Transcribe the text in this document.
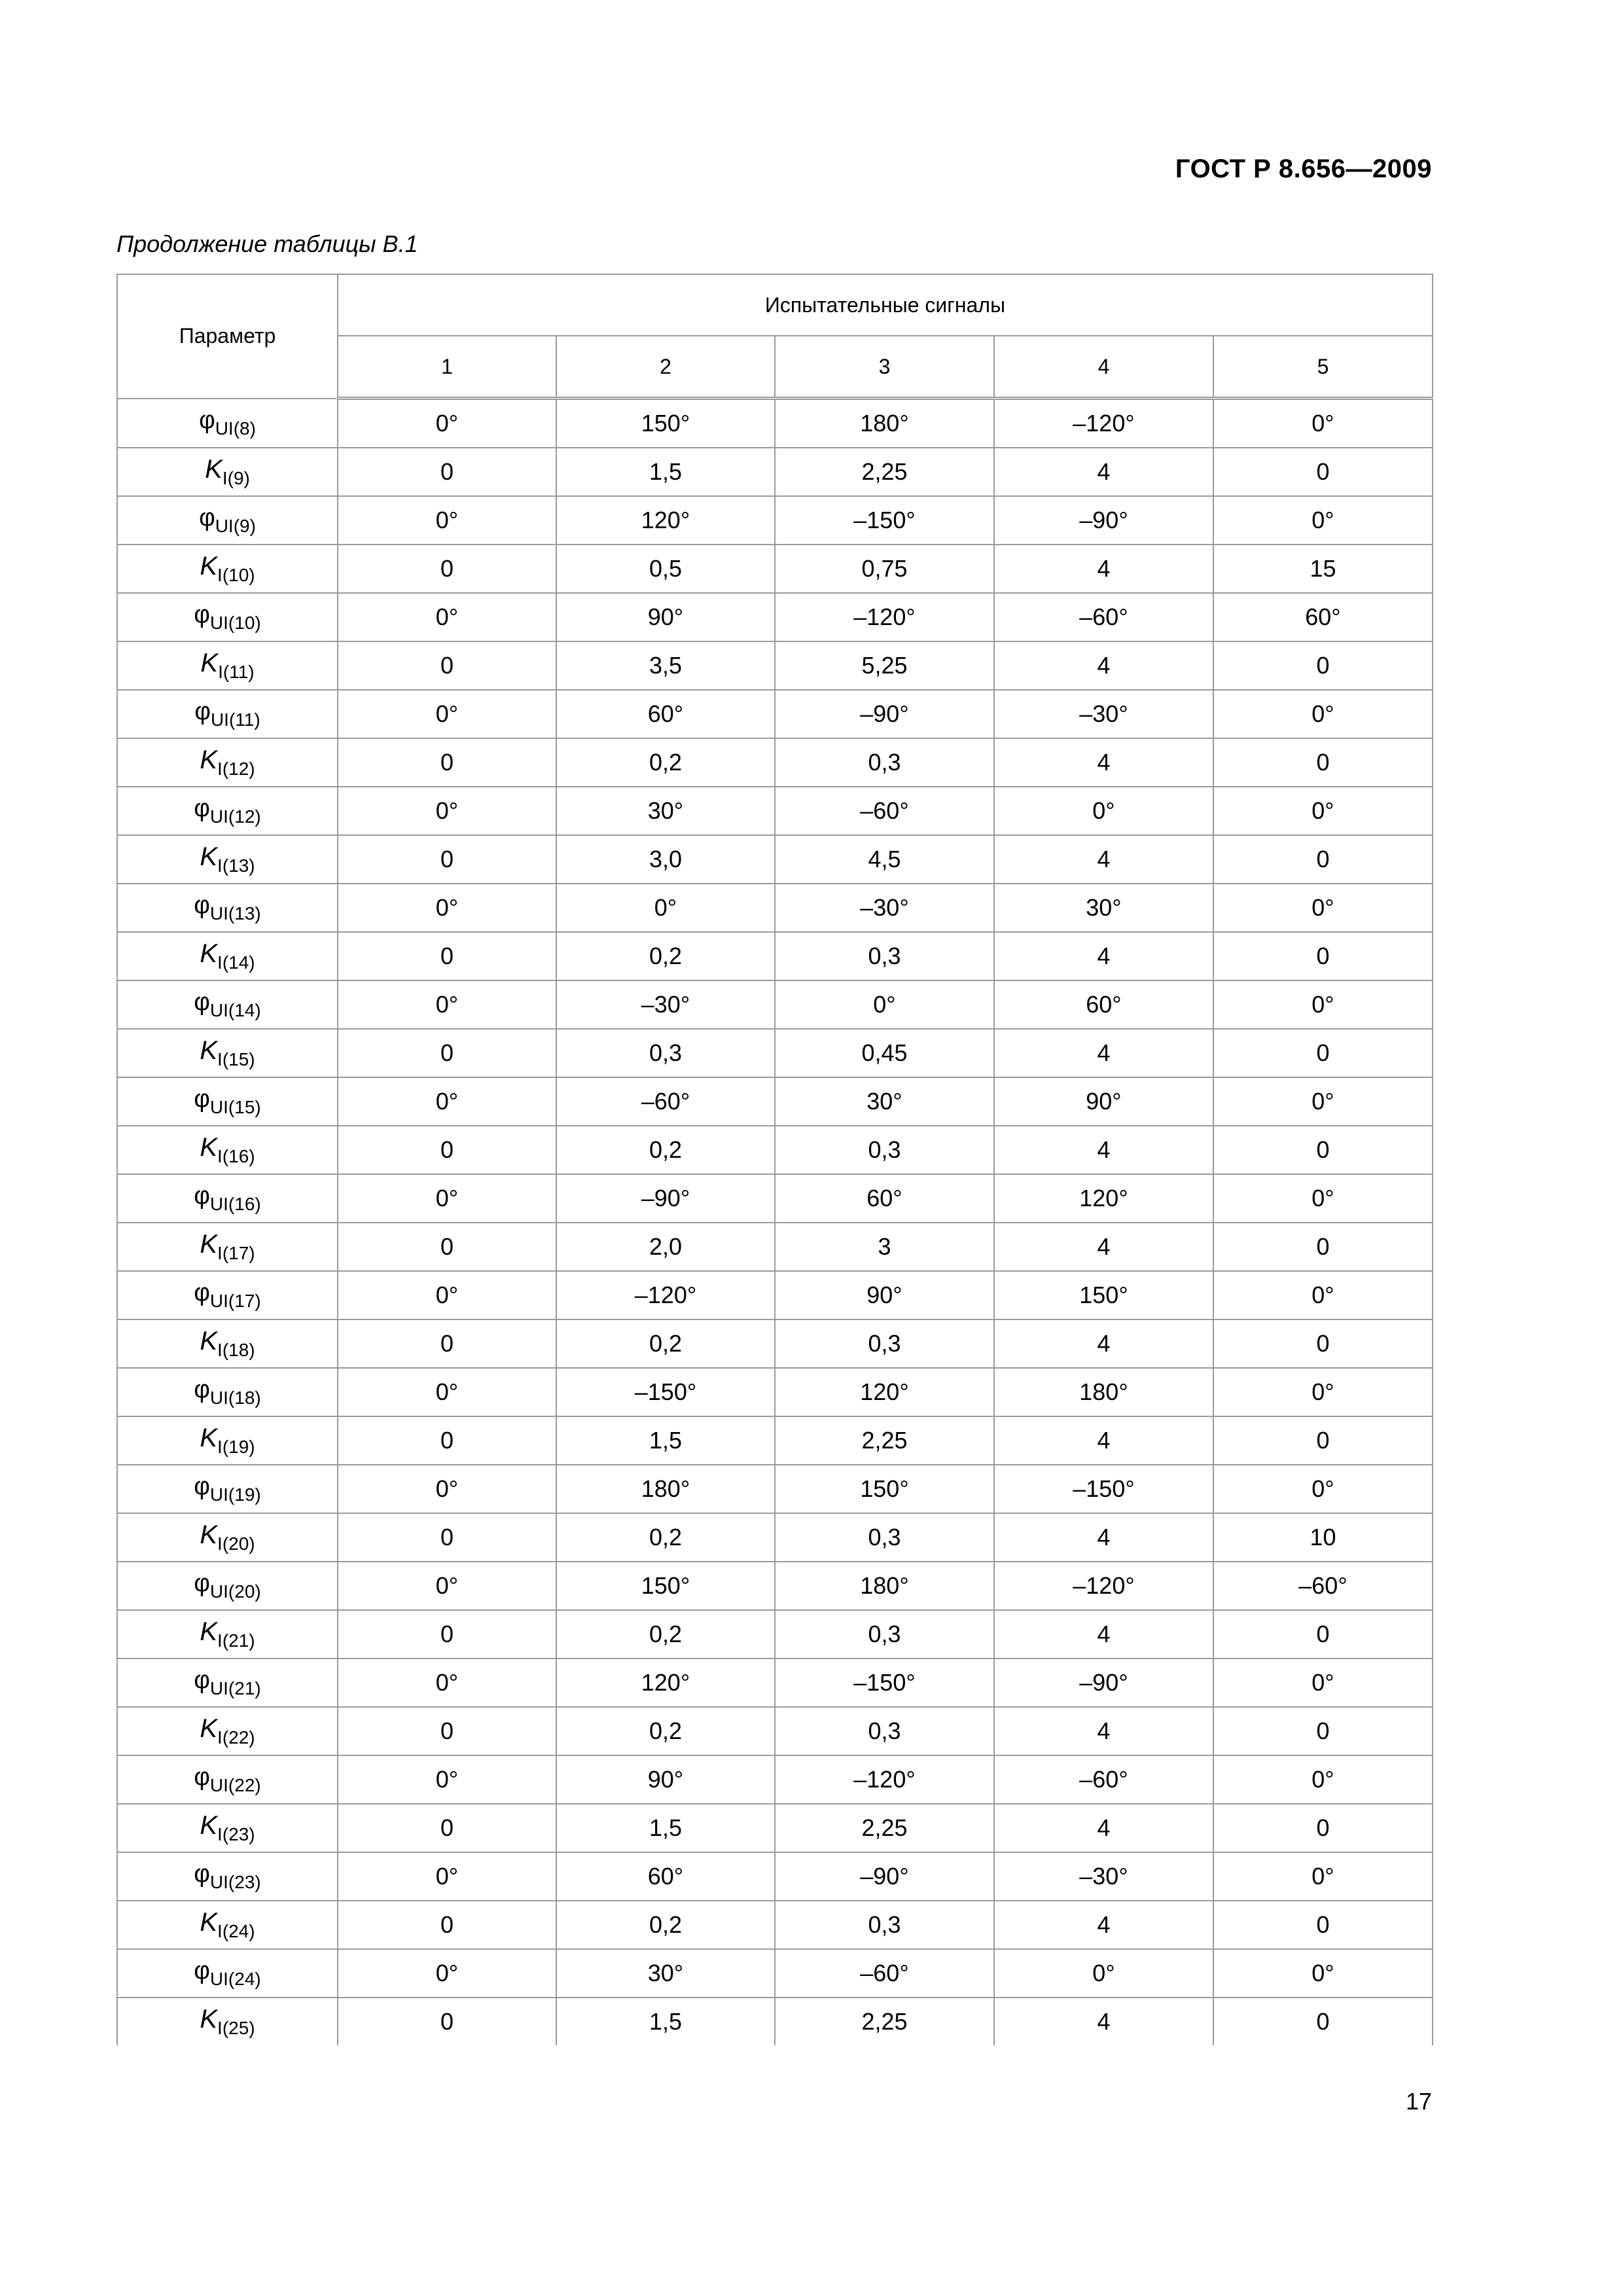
ГОСТ Р 8.656—2009
Продолжение таблицы В.1
Параметр	Испытательные сигналы				
	1	2	3	4	5
$\varphi_{UI(8)}$	0°	150°	180°	–120°	0°
$K_{I(9)}$	0	1,5	2,25	4	0
$\varphi_{UI(9)}$	0°	120°	–150°	–90°	0°
$K_{I(10)}$	0	0,5	0,75	4	15
$\varphi_{UI(10)}$	0°	90°	–120°	–60°	60°
$K_{I(11)}$	0	3,5	5,25	4	0
$\varphi_{UI(11)}$	0°	60°	–90°	–30°	0°
$K_{I(12)}$	0	0,2	0,3	4	0
$\varphi_{UI(12)}$	0°	30°	–60°	0°	0°
$K_{I(13)}$	0	3,0	4,5	4	0
$\varphi_{UI(13)}$	0°	0°	–30°	30°	0°
$K_{I(14)}$	0	0,2	0,3	4	0
$\varphi_{UI(14)}$	0°	–30°	0°	60°	0°
$K_{I(15)}$	0	0,3	0,45	4	0
$\varphi_{UI(15)}$	0°	–60°	30°	90°	0°
$K_{I(16)}$	0	0,2	0,3	4	0
$\varphi_{UI(16)}$	0°	–90°	60°	120°	0°
$K_{I(17)}$	0	2,0	3	4	0
$\varphi_{UI(17)}$	0°	–120°	90°	150°	0°
$K_{I(18)}$	0	0,2	0,3	4	0
$\varphi_{UI(18)}$	0°	–150°	120°	180°	0°
$K_{I(19)}$	0	1,5	2,25	4	0
$\varphi_{UI(19)}$	0°	180°	150°	–150°	0°
$K_{I(20)}$	0	0,2	0,3	4	10
$\varphi_{UI(20)}$	0°	150°	180°	–120°	–60°
$K_{I(21)}$	0	0,2	0,3	4	0
$\varphi_{UI(21)}$	0°	120°	–150°	–90°	0°
$K_{I(22)}$	0	0,2	0,3	4	0
$\varphi_{UI(22)}$	0°	90°	–120°	–60°	0°
$K_{I(23)}$	0	1,5	2,25	4	0
$\varphi_{UI(23)}$	0°	60°	–90°	–30°	0°
$K_{I(24)}$	0	0,2	0,3	4	0
$\varphi_{UI(24)}$	0°	30°	–60°	0°	0°
$K_{I(25)}$	0	1,5	2,25	4	0
17
